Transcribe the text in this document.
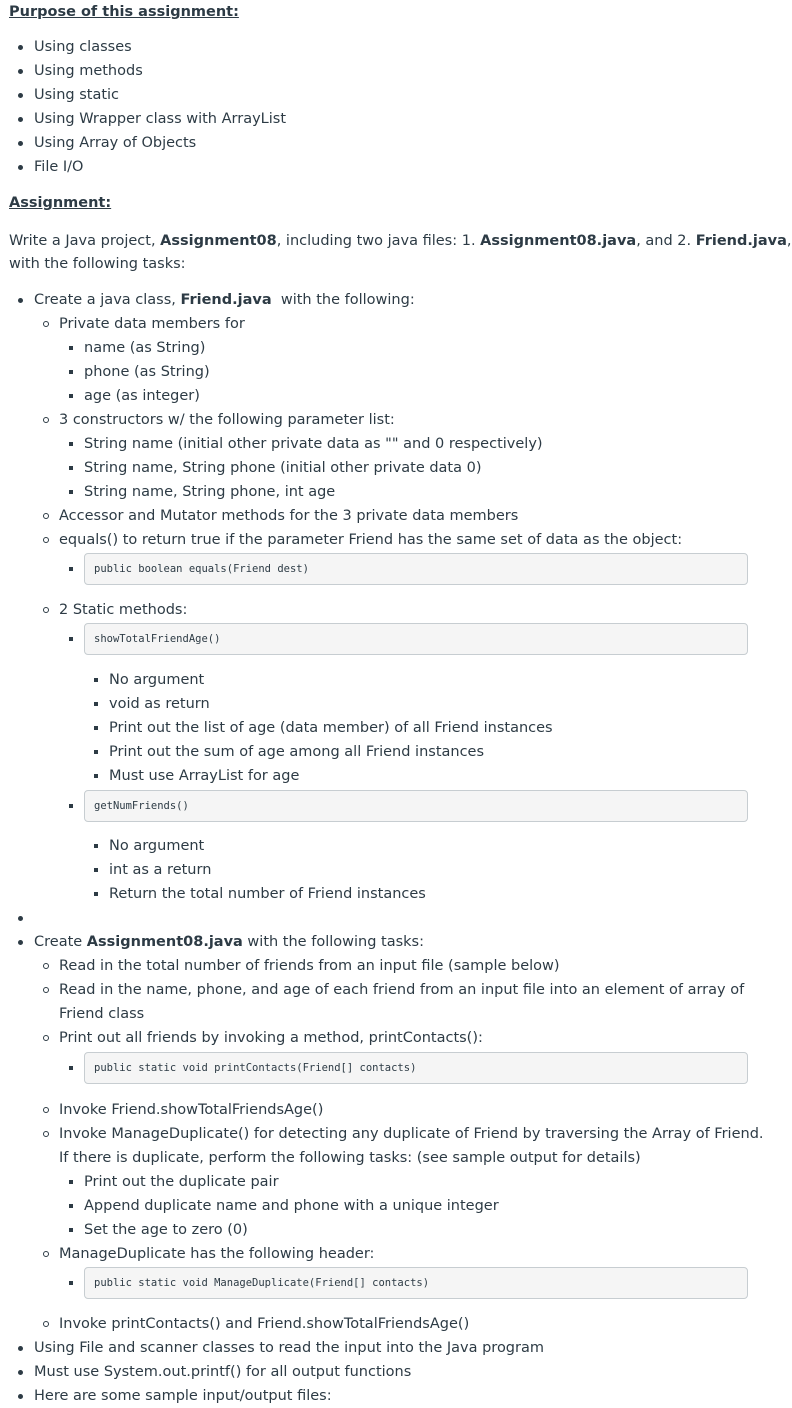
Purpose of this assignment:
Using classes
Using methods
Using static
Using Wrapper class with ArrayList
Using Array of Objects
File I/O
Assignment:
Write a Java project, Assignment08, including two java files: 1. Assignment08.java, and 2. Friend.java,
with the following tasks:
Create a java class, Friend.java  with the following:
Private data members for
name (as String)
phone (as String)
age (as integer)
3 constructors w/ the following parameter list:
String name (initial other private data as "" and 0 respectively)
String name, String phone (initial other private data 0)
String name, String phone, int age
Accessor and Mutator methods for the 3 private data members
equals() to return true if the parameter Friend has the same set of data as the object:
public boolean equals(Friend dest)
2 Static methods:
showTotalFriendAge()
No argument
void as return
Print out the list of age (data member) of all Friend instances
Print out the sum of age among all Friend instances
Must use ArrayList for age
getNumFriends()
No argument
int as a return
Return the total number of Friend instances
Create Assignment08.java with the following tasks:
Read in the total number of friends from an input file (sample below)
Read in the name, phone, and age of each friend from an input file into an element of array of
Friend class
Print out all friends by invoking a method, printContacts():
public static void printContacts(Friend[] contacts)
Invoke Friend.showTotalFriendsAge()
Invoke ManageDuplicate() for detecting any duplicate of Friend by traversing the Array of Friend.
If there is duplicate, perform the following tasks: (see sample output for details)
Print out the duplicate pair
Append duplicate name and phone with a unique integer
Set the age to zero (0)
ManageDuplicate has the following header:
public static void ManageDuplicate(Friend[] contacts)
Invoke printContacts() and Friend.showTotalFriendsAge()
Using File and scanner classes to read the input into the Java program
Must use System.out.printf() for all output functions
Here are some sample input/output files:
